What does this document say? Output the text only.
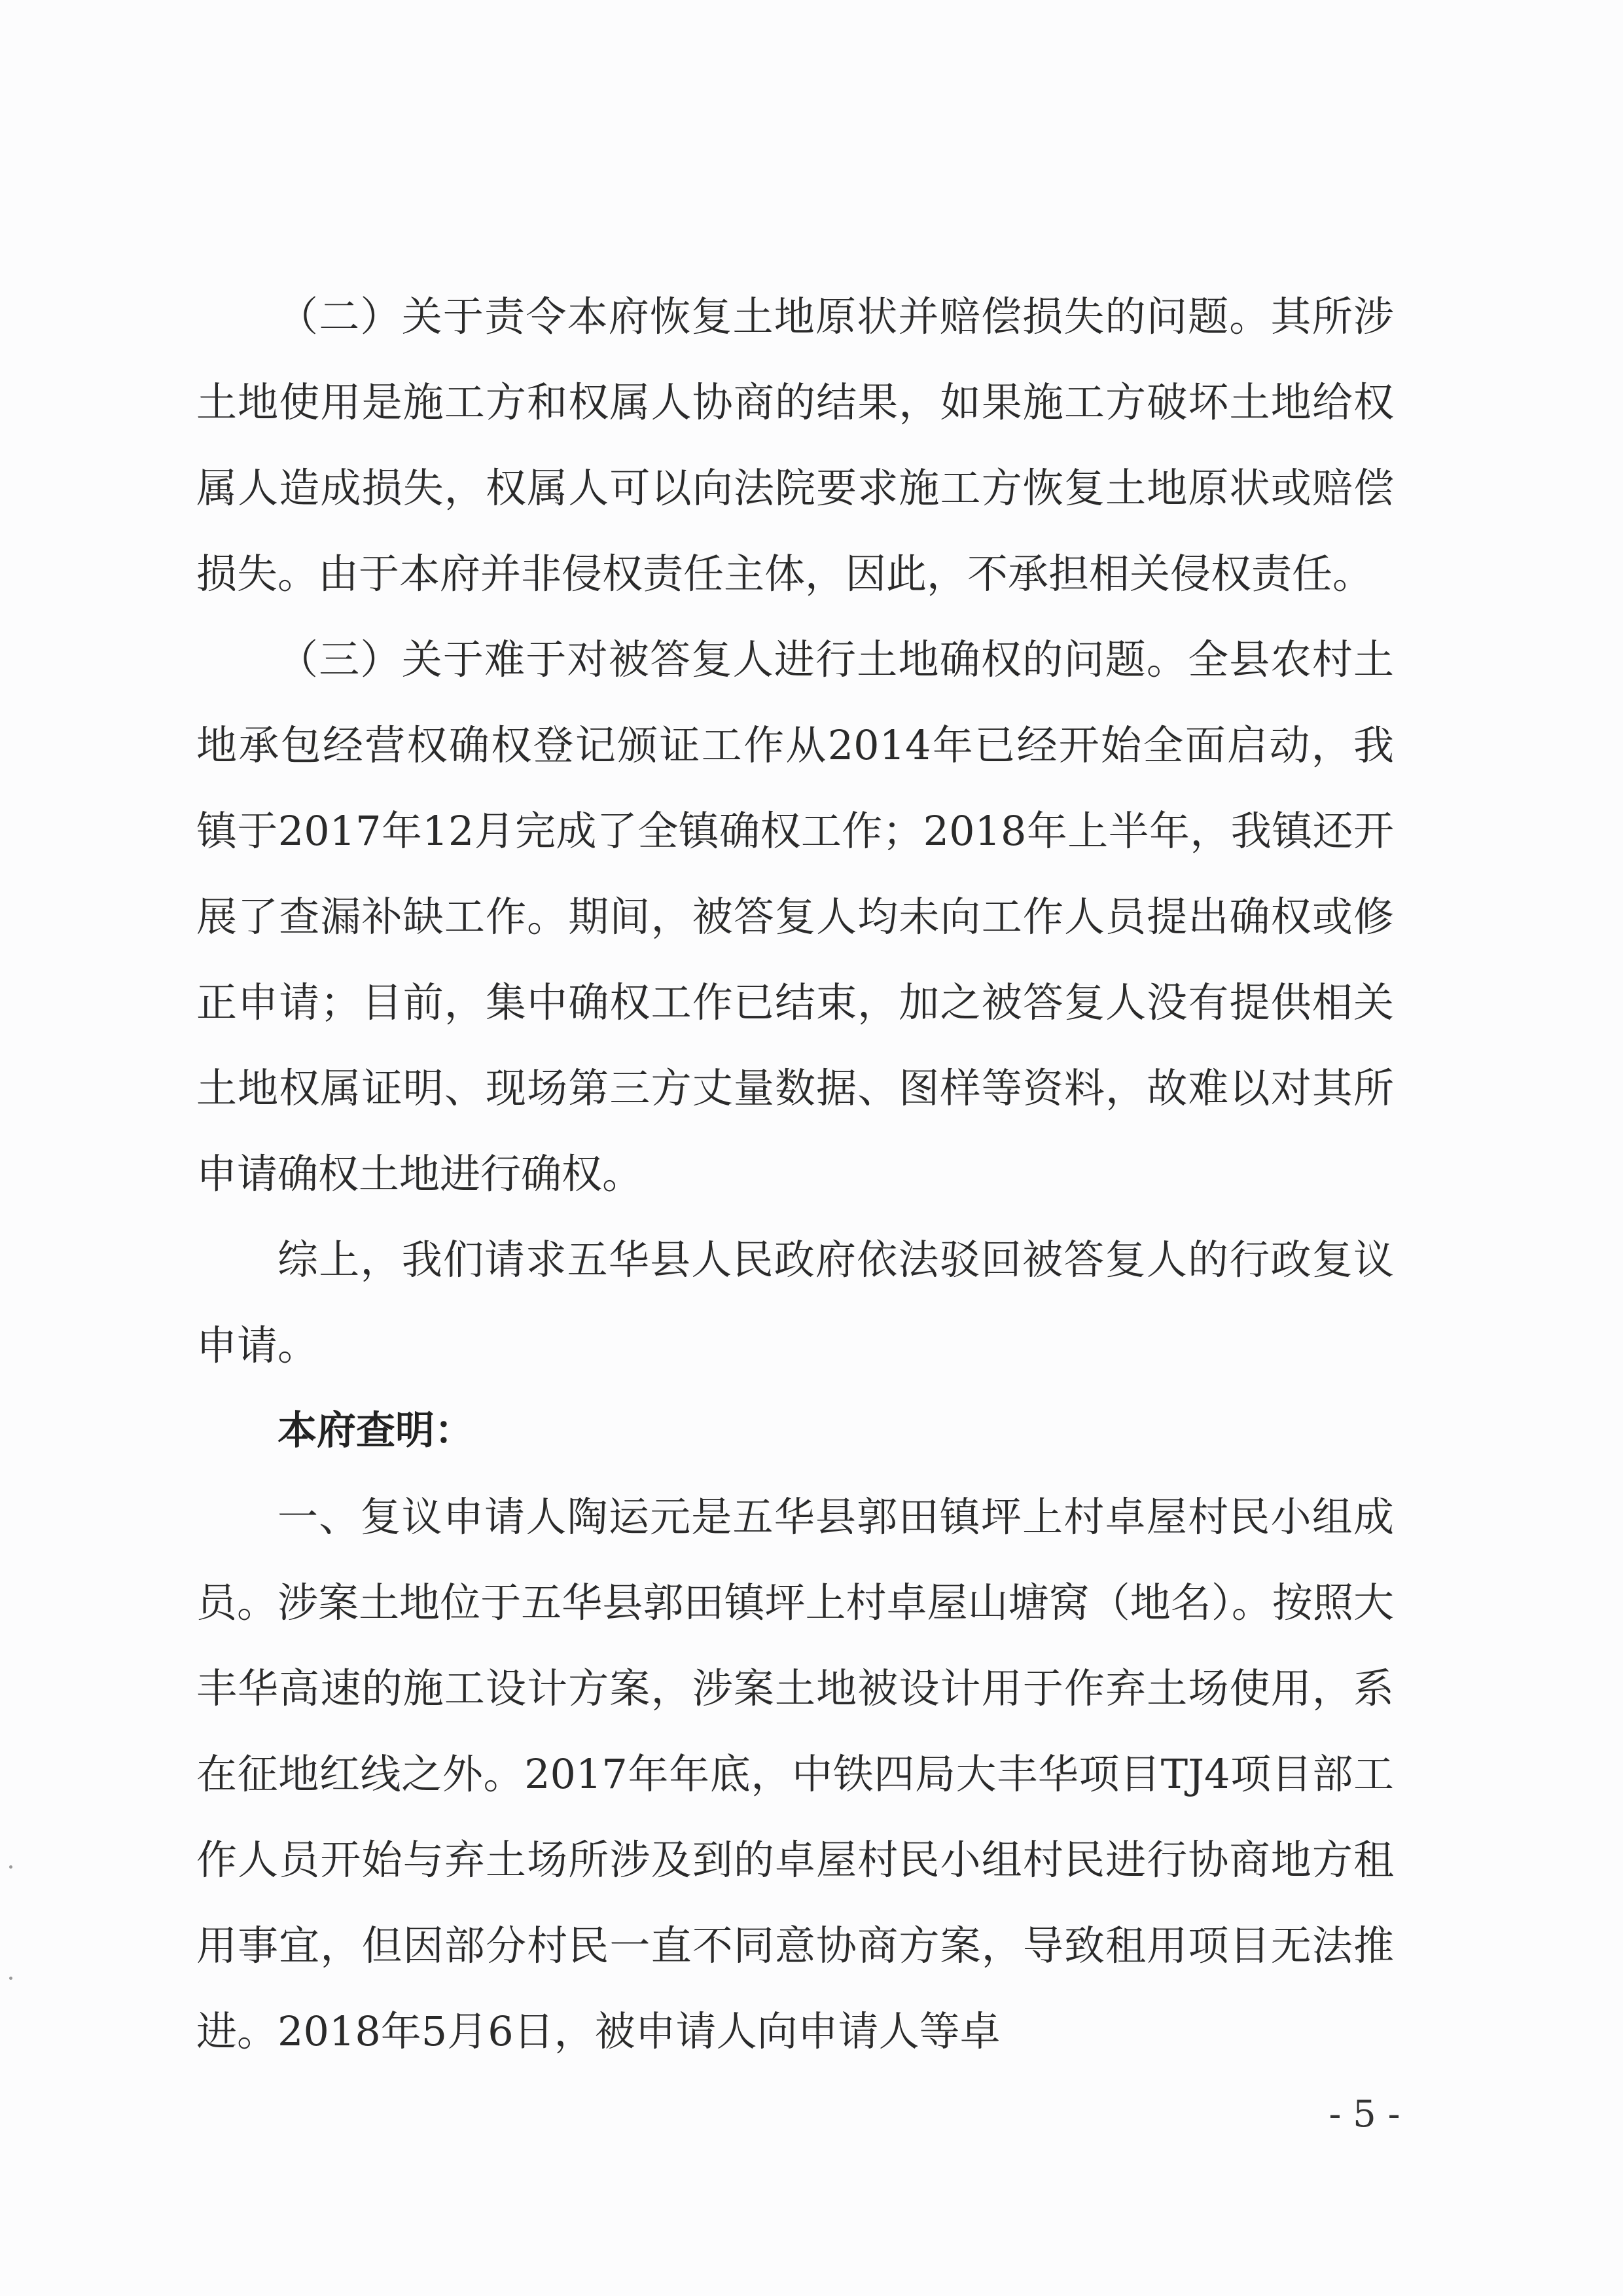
（二）关于责令本府恢复土地原状并赔偿损失的问题。其所涉土地使用是施工方和权属人协商的结果，如果施工方破坏土地给权属人造成损失，权属人可以向法院要求施工方恢复土地原状或赔偿损失。由于本府并非侵权责任主体，因此，不承担相关侵权责任。

（三）关于难于对被答复人进行土地确权的问题。全县农村土地承包经营权确权登记颁证工作从2014年已经开始全面启动，我镇于2017年12月完成了全镇确权工作；2018年上半年，我镇还开展了查漏补缺工作。期间，被答复人均未向工作人员提出确权或修正申请；目前，集中确权工作已结束，加之被答复人没有提供相关土地权属证明、现场第三方丈量数据、图样等资料，故难以对其所申请确权土地进行确权。

综上，我们请求五华县人民政府依法驳回被答复人的行政复议申请。

本府查明：

一、复议申请人陶运元是五华县郭田镇坪上村卓屋村民小组成员。涉案土地位于五华县郭田镇坪上村卓屋山塘窝（地名）。按照大丰华高速的施工设计方案，涉案土地被设计用于作弃土场使用，系在征地红线之外。2017年年底，中铁四局大丰华项目TJ4项目部工作人员开始与弃土场所涉及到的卓屋村民小组村民进行协商地方租用事宜，但因部分村民一直不同意协商方案，导致租用项目无法推进。2018年5月6日，被申请人向申请人等卓

- 5 -
